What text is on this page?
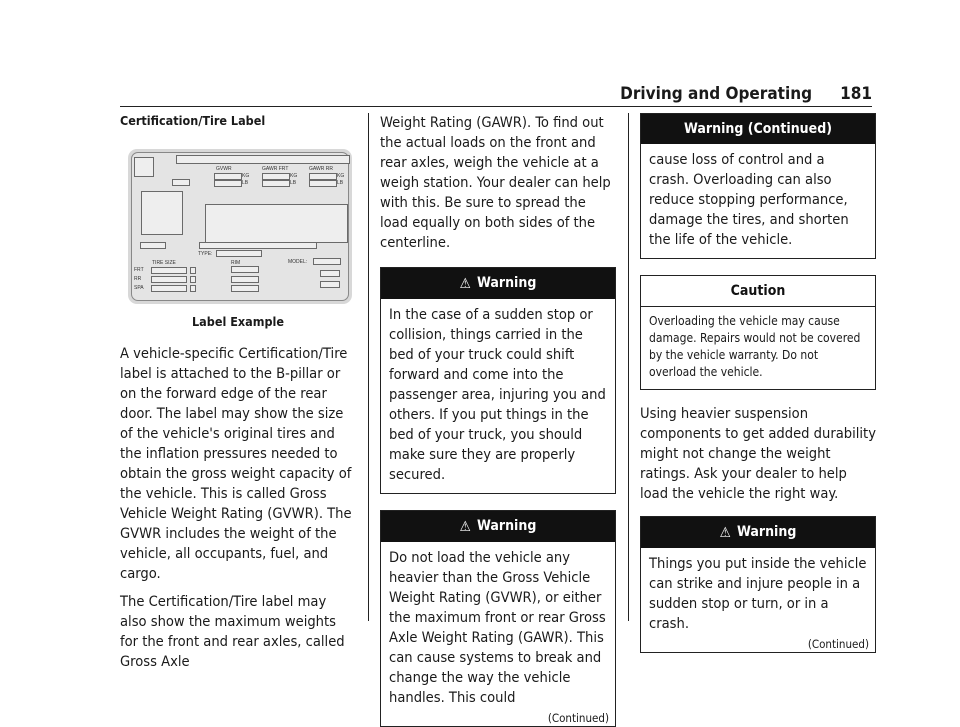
Driving and Operating 181

Certification/Tire Label

GVWR	GAWR FRT	GAWR RR
KG
LB
KG
LB
KG
LB
TYPE:
TIRE SIZE	RIM	MODEL:
FRT
RR
SPA

Label Example

A vehicle-specific Certification/Tire label is attached to the B-pillar or on the forward edge of the rear door. The label may show the size of the vehicle's original tires and the inflation pressures needed to obtain the gross weight capacity of the vehicle. This is called Gross Vehicle Weight Rating (GVWR). The GVWR includes the weight of the vehicle, all occupants, fuel, and cargo.

The Certification/Tire label may also show the maximum weights for the front and rear axles, called Gross Axle

Weight Rating (GAWR). To find out the actual loads on the front and rear axles, weigh the vehicle at a weigh station. Your dealer can help with this. Be sure to spread the load equally on both sides of the centerline.

⚠ Warning
In the case of a sudden stop or collision, things carried in the bed of your truck could shift forward and come into the passenger area, injuring you and others. If you put things in the bed of your truck, you should make sure they are properly secured.
⚠ Warning
Do not load the vehicle any heavier than the Gross Vehicle Weight Rating (GVWR), or either the maximum front or rear Gross Axle Weight Rating (GAWR). This can cause systems to break and change the way the vehicle handles. This could
(Continued)
Warning (Continued)
cause loss of control and a crash. Overloading can also reduce stopping performance, damage the tires, and shorten the life of the vehicle.
Caution
Overloading the vehicle may cause damage. Repairs would not be covered by the vehicle warranty. Do not overload the vehicle.

Using heavier suspension components to get added durability might not change the weight ratings. Ask your dealer to help load the vehicle the right way.

⚠ Warning
Things you put inside the vehicle can strike and injure people in a sudden stop or turn, or in a crash.
(Continued)
